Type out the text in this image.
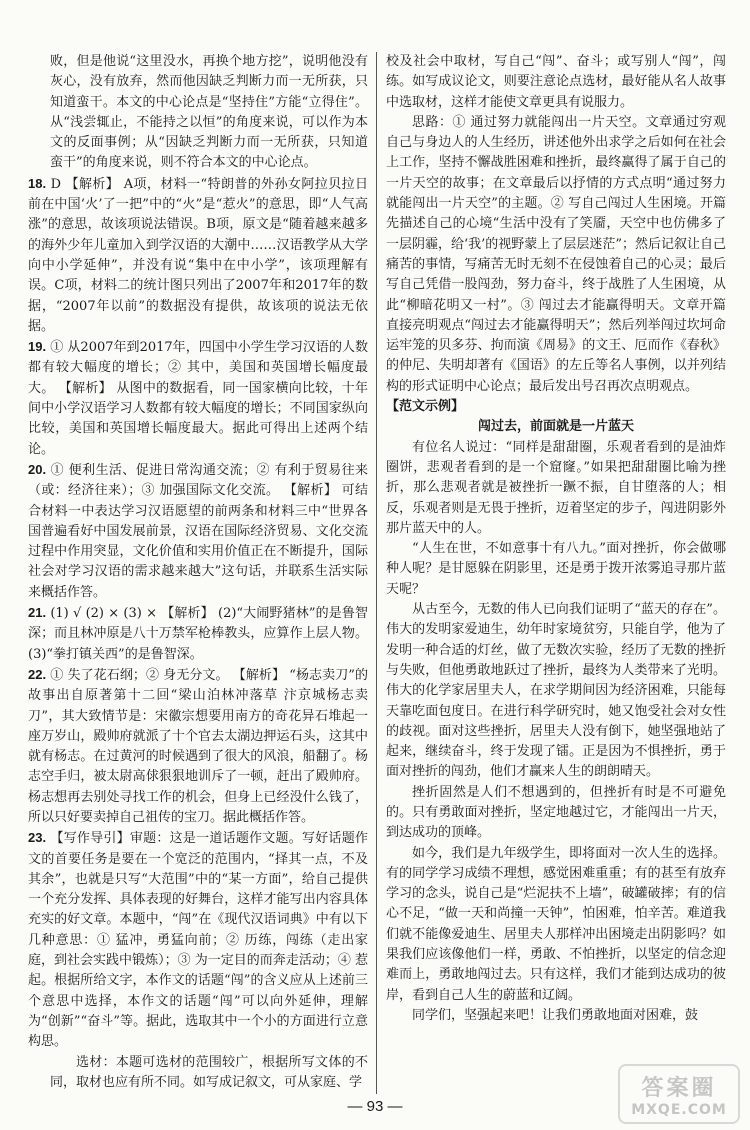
败，但是他说“这里没水，再换个地方挖”，说明他没有灰心，没有放弃，然而他因缺乏判断力而一无所获，只知道蛮干。本文的中心论点是“坚持住”方能“立得住”。从“浅尝辄止，不能持之以恒”的角度来说，可以作为本文的反面事例；从“因缺乏判断力而一无所获，只知道蛮干”的角度来说，则不符合本文的中心论点。

18. D 【解析】 A项，材料一“特朗普的外孙女阿拉贝拉日前在中国‘火’了一把”中的“火”是“惹火”的意思，即“人气高涨”的意思，故该项说法错误。B项，原文是“随着越来越多的海外少年儿童加入到学汉语的大潮中……汉语教学从大学向中小学延伸”，并没有说“集中在中小学”，该项理解有误。C项，材料二的统计图只列出了2007年和2017年的数据，“2007年以前”的数据没有提供，故该项的说法无依据。

19. ① 从2007年到2017年，四国中小学生学习汉语的人数都有较大幅度的增长；② 其中，美国和英国增长幅度最大。 【解析】 从图中的数据看，同一国家横向比较，十年间中小学汉语学习人数都有较大幅度的增长；不同国家纵向比较，美国和英国增长幅度最大。据此可得出上述两个结论。

20. ① 便利生活、促进日常沟通交流；② 有利于贸易往来（或：经济往来）；③ 加强国际文化交流。 【解析】 可结合材料一中表达学习汉语愿望的前两条和材料三中“世界各国普遍看好中国发展前景，汉语在国际经济贸易、文化交流过程中作用突显，文化价值和实用价值正在不断提升，国际社会对学习汉语的需求越来越大”这句话，并联系生活实际来概括作答。

21. (1) √ (2) × (3) × 【解析】 (2)“大闹野猪林”的是鲁智深；而且林冲原是八十万禁军枪棒教头，应算作上层人物。 (3)“拳打镇关西”的是鲁智深。

22. ① 失了花石纲；② 身无分文。 【解析】 “杨志卖刀”的故事出自原著第十二回“梁山泊林冲落草 汴京城杨志卖刀”，其大致情节是：宋徽宗想要用南方的奇花异石堆起一座万岁山，殿帅府就派了十个官去太湖边押运石头，这其中就有杨志。在过黄河的时候遇到了很大的风浪，船翻了。杨志空手归，被太尉高俅狠狠地训斥了一顿，赶出了殿帅府。杨志想再去别处寻找工作的机会，但身上已经没什么钱了，所以只好要卖掉自己祖传的宝刀。据此概括作答。

23. 【写作导引】审题：这是一道话题作文题。写好话题作文的首要任务是要在一个宽泛的范围内，“择其一点，不及其余”，也就是只写“大范围”中的“某一方面”，给自己提供一个充分发挥、具体表现的好舞台，这样才能写出内容具体充实的好文章。本题中，“闯”在《现代汉语词典》中有以下几种意思：① 猛冲，勇猛向前；② 历练，闯练（走出家庭，到社会实践中锻炼）；③ 为一定目的而奔走活动；④ 惹起。根据所给文字，本作文的话题“闯”的含义应从上述前三个意思中选择，本作文的话题“闯”可以向外延伸，理解为“创新”“奋斗”等。据此，选取其中一个小的方面进行立意构思。

选材：本题可选材的范围较广，根据所写文体的不同，取材也应有所不同。如写成记叙文，可从家庭、学

校及社会中取材，写自己“闯”、奋斗；或写别人“闯”，闯练。如写成议论文，则要注意论点选材，最好能从名人故事中选取材，这样才能使文章更具有说服力。

思路：① 通过努力就能闯出一片天空。文章通过穷观自己与身边人的人生经历，讲述他外出求学之后如何在社会上工作，坚持不懈战胜困难和挫折，最终赢得了属于自己的一片天空的故事；在文章最后以抒情的方式点明“通过努力就能闯出一片天空”的主题。② 写自己闯过人生困境。开篇先描述自己的心境“生活中没有了笑靥，天空中也仿佛多了一层阴霾，给‘我’的视野蒙上了层层迷茫”；然后记叙让自己痛苦的事情，写痛苦无时无刻不在侵蚀着自己的心灵；最后写自己凭借一股闯劲，努力奋斗，终于战胜了人生困境，从此“柳暗花明又一村”。③ 闯过去才能赢得明天。文章开篇直接亮明观点“闯过去才能赢得明天”；然后列举闯过坎坷命运牢笼的贝多芬、拘而演《周易》的文王、厄而作《春秋》的仲尼、失明却著有《国语》的左丘等名人事例，以并列结构的形式证明中心论点；最后发出号召再次点明观点。

【范文示例】

闯过去，前面就是一片蓝天

有位名人说过：“同样是甜甜圈，乐观者看到的是油炸圈饼，悲观者看到的是一个窟窿。”如果把甜甜圈比喻为挫折，那么悲观者就是被挫折一蹶不振，自甘堕落的人；相反，乐观者则是无畏于挫折，迈着坚定的步子，闯进阴影外那片蓝天中的人。

“人生在世，不如意事十有八九。”面对挫折，你会做哪种人呢？是甘愿躲在阴影里，还是勇于拨开浓雾追寻那片蓝天呢？

从古至今，无数的伟人已向我们证明了“蓝天的存在”。伟大的发明家爱迪生，幼年时家境贫穷，只能自学，他为了发明一种合适的灯丝，做了无数次实验，经历了无数的挫折与失败，但他勇敢地跃过了挫折，最终为人类带来了光明。伟大的化学家居里夫人，在求学期间因为经济困难，只能每天靠吃面包度日。在进行科学研究时，她又饱受社会对女性的歧视。面对这些挫折，居里夫人没有倒下，她坚强地站了起来，继续奋斗，终于发现了镭。正是因为不惧挫折，勇于面对挫折的闯劲，他们才赢来人生的朗朗晴天。

挫折固然是人们不想遇到的，但挫折有时是不可避免的。只有勇敢面对挫折，坚定地越过它，才能闯出一片天，到达成功的顶峰。

如今，我们是九年级学生，即将面对一次人生的选择。有的同学学习成绩不理想，感觉困难重重；有的甚至有放弃学习的念头，说自己是“烂泥扶不上墙”，破罐破摔；有的信心不足，“做一天和尚撞一天钟”，怕困难，怕辛苦。难道我们就不能像爱迪生、居里夫人那样冲出困境走出阴影吗？如果我们应该像他们一样，勇敢、不怕挫折，以坚定的信念迎难而上，勇敢地闯过去。只有这样，我们才能到达成功的彼岸，看到自己人生的蔚蓝和辽阔。

同学们，坚强起来吧！让我们勇敢地面对困难，鼓

— 93 —
答案圈
MXQE.COM
